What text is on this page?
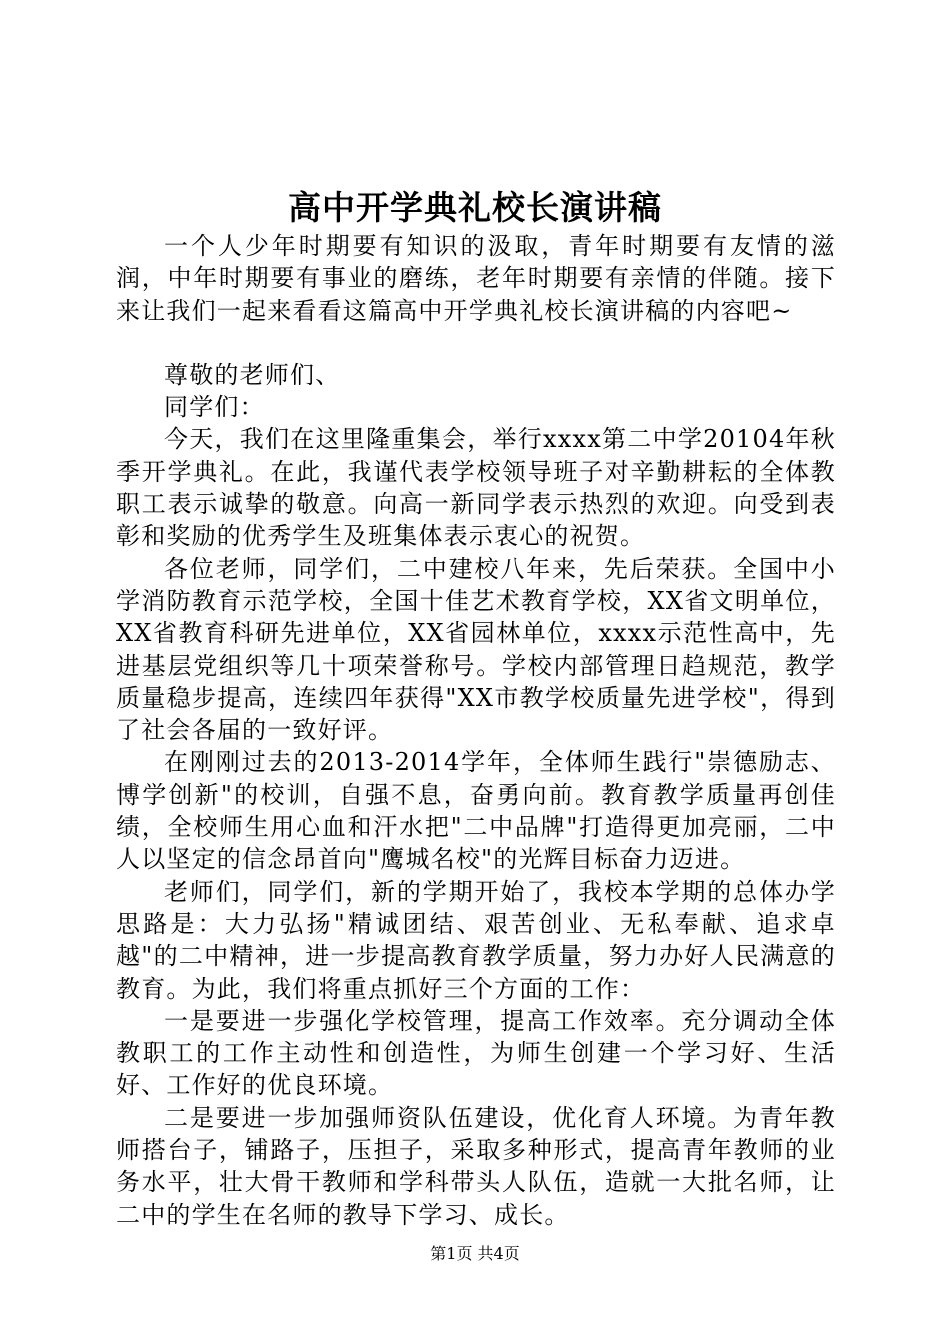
高中开学典礼校长演讲稿

一个人少年时期要有知识的汲取，青年时期要有友情的滋润，中年时期要有事业的磨练，老年时期要有亲情的伴随。接下来让我们一起来看看这篇高中开学典礼校长演讲稿的内容吧~

尊敬的老师们、

同学们：

今天，我们在这里隆重集会，举行xxxx第二中学20104年秋季开学典礼。在此，我谨代表学校领导班子对辛勤耕耘的全体教职工表示诚挚的敬意。向高一新同学表示热烈的欢迎。向受到表彰和奖励的优秀学生及班集体表示衷心的祝贺。

各位老师，同学们，二中建校八年来，先后荣获。全国中小学消防教育示范学校，全国十佳艺术教育学校，XX省文明单位，XX省教育科研先进单位，XX省园林单位，xxxx示范性高中，先进基层党组织等几十项荣誉称号。学校内部管理日趋规范，教学质量稳步提高，连续四年获得"XX市教学校质量先进学校"，得到了社会各届的一致好评。

在刚刚过去的2013-2014学年，全体师生践行"崇德励志、博学创新"的校训，自强不息，奋勇向前。教育教学质量再创佳绩，全校师生用心血和汗水把"二中品牌"打造得更加亮丽，二中人以坚定的信念昂首向"鹰城名校"的光辉目标奋力迈进。

老师们，同学们，新的学期开始了，我校本学期的总体办学思路是：大力弘扬"精诚团结、艰苦创业、无私奉献、追求卓越"的二中精神，进一步提高教育教学质量，努力办好人民满意的教育。为此，我们将重点抓好三个方面的工作：

一是要进一步强化学校管理，提高工作效率。充分调动全体教职工的工作主动性和创造性，为师生创建一个学习好、生活好、工作好的优良环境。

二是要进一步加强师资队伍建设，优化育人环境。为青年教师搭台子，铺路子，压担子，采取多种形式，提高青年教师的业务水平，壮大骨干教师和学科带头人队伍，造就一大批名师，让二中的学生在名师的教导下学习、成长。

第1页 共4页
